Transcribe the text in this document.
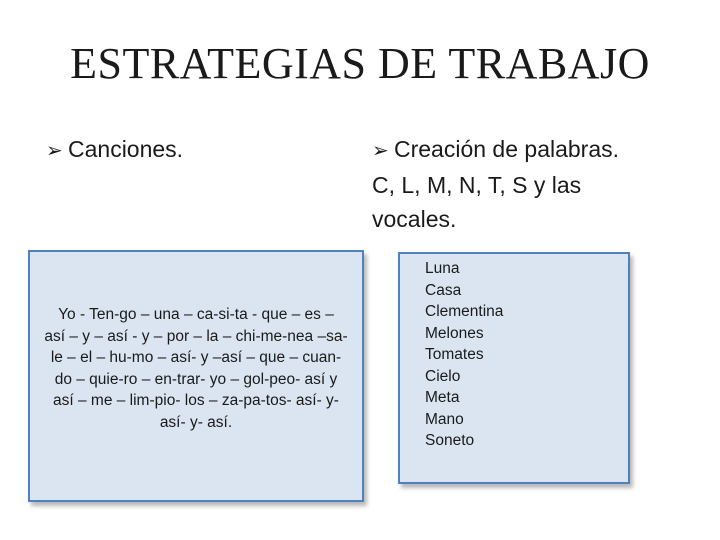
ESTRATEGIAS DE TRABAJO
➢ Canciones.	➢ Creación de palabras.
C, L, M, N, T, S y las
vocales.
Yo - Ten-go – una – ca-si-ta - que – es –
así – y – así - y – por – la – chi-me-nea –sa-
le – el – hu-mo – así- y –así – que – cuan-
do – quie-ro – en-trar- yo – gol-peo- así y
así – me – lim-pio- los – za-pa-tos- así- y-
así- y- así.
Luna
Casa
Clementina
Melones
Tomates
Cielo
Meta
Mano
Soneto
